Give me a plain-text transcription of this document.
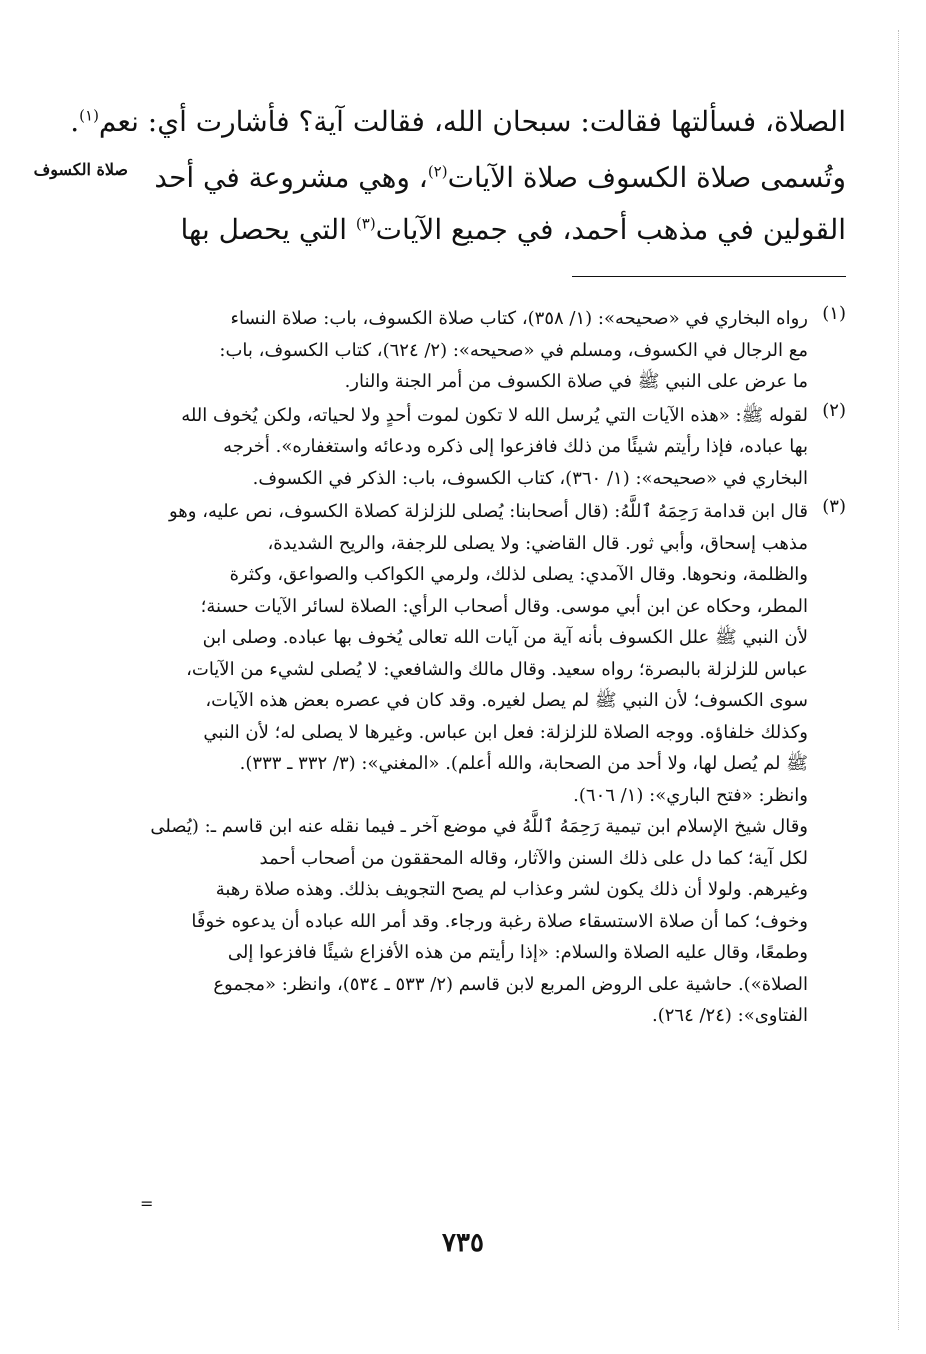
الصلاة، فسألتها فقالت: سبحان الله، فقالت آية؟ فأشارت أي: نعم$^{(١)}$.
وتُسمى صلاة الكسوف صلاة الآيات$^{(٢)}$، وهي مشروعة في أحد
القولين في مذهب أحمد، في جميع الآيات$^{(٣)}$ التي يحصل بها
صلاة الكسوف
(١)
رواه البخاري في «صحيحه»: (١/ ٣٥٨)، كتاب صلاة الكسوف، باب: صلاة النساء
مع الرجال في الكسوف، ومسلم في «صحيحه»: (٢/ ٦٢٤)، كتاب الكسوف، باب:
ما عرض على النبي ﷺ في صلاة الكسوف من أمر الجنة والنار.
(٢)
لقوله ﷺ: «هذه الآيات التي يُرسل الله لا تكون لموت أحدٍ ولا لحياته، ولكن يُخوف الله
بها عباده، فإذا رأيتم شيئًا من ذلك فافزعوا إلى ذكره ودعائه واستغفاره». أخرجه
البخاري في «صحيحه»: (١/ ٣٦٠)، كتاب الكسوف، باب: الذكر في الكسوف.
(٣)
قال ابن قدامة رَحِمَهُ ٱللَّهُ: (قال أصحابنا: يُصلى للزلزلة كصلاة الكسوف، نص عليه، وهو
مذهب إسحاق، وأبي ثور. قال القاضي: ولا يصلى للرجفة، والريح الشديدة،
والظلمة، ونحوها. وقال الآمدي: يصلى لذلك، ولرمي الكواكب والصواعق، وكثرة
المطر، وحكاه عن ابن أبي موسى. وقال أصحاب الرأي: الصلاة لسائر الآيات حسنة؛
لأن النبي ﷺ علل الكسوف بأنه آية من آيات الله تعالى يُخوف بها عباده. وصلى ابن
عباس للزلزلة بالبصرة؛ رواه سعيد. وقال مالك والشافعي: لا يُصلى لشيء من الآيات،
سوى الكسوف؛ لأن النبي ﷺ لم يصل لغيره. وقد كان في عصره بعض هذه الآيات،
وكذلك خلفاؤه. ووجه الصلاة للزلزلة: فعل ابن عباس. وغيرها لا يصلى له؛ لأن النبي
ﷺ لم يُصل لها، ولا أحد من الصحابة، والله أعلم). «المغني»: (٣/ ٣٣٢ ـ ٣٣٣).
وانظر: «فتح الباري»: (١/ ٦٠٦).
وقال شيخ الإسلام ابن تيمية رَحِمَهُ ٱللَّهُ في موضع آخر ـ فيما نقله عنه ابن قاسم ـ: (يُصلى
لكل آية؛ كما دل على ذلك السنن والآثار، وقاله المحققون من أصحاب أحمد
وغيرهم. ولولا أن ذلك يكون لشر وعذاب لم يصح التجويف بذلك. وهذه صلاة رهبة
وخوف؛ كما أن صلاة الاستسقاء صلاة رغبة ورجاء. وقد أمر الله عباده أن يدعوه خوفًا
وطمعًا، وقال عليه الصلاة والسلام: «إذا رأيتم من هذه الأفزاع شيئًا فافزعوا إلى
الصلاة»). حاشية على الروض المربع لابن قاسم (٢/ ٥٣٣ ـ ٥٣٤)، وانظر: «مجموع
الفتاوى»: (٢٤/ ٢٦٤).
=
٧٣٥
